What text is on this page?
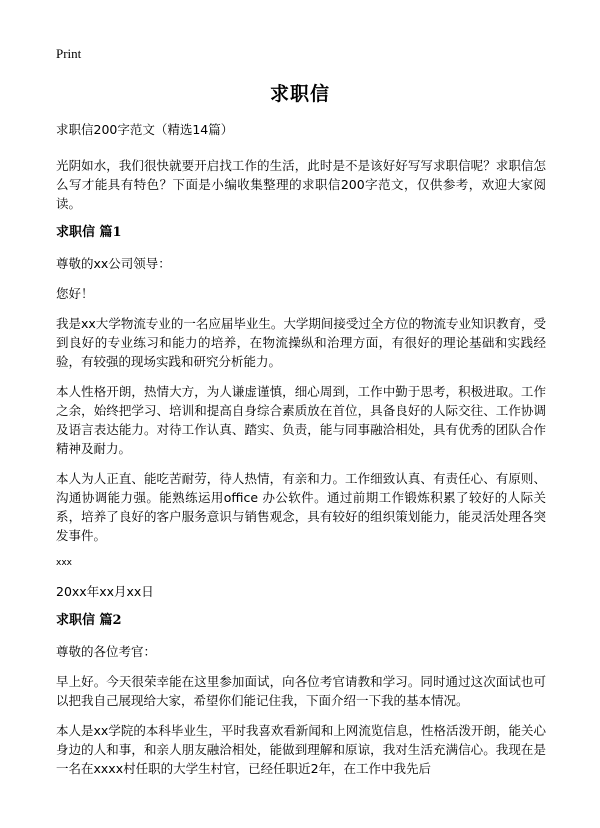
Print
求职信
求职信200字范文（精选14篇）

光阴如水，我们很快就要开启找工作的生活，此时是不是该好好写写求职信呢？求职信怎么写才能具有特色？下面是小编收集整理的求职信200字范文，仅供参考，欢迎大家阅读。

求职信 篇1

尊敬的xx公司领导：

您好！

我是xx大学物流专业的一名应届毕业生。大学期间接受过全方位的物流专业知识教育，受到良好的专业练习和能力的培养，在物流操纵和治理方面，有很好的理论基础和实践经验，有较强的现场实践和研究分析能力。

本人性格开朗，热情大方，为人谦虚谨慎，细心周到，工作中勤于思考，积极进取。工作之余，始终把学习、培训和提高自身综合素质放在首位，具备良好的人际交往、工作协调及语言表达能力。对待工作认真、踏实、负责，能与同事融洽相处，具有优秀的团队合作精神及耐力。

本人为人正直、能吃苦耐劳，待人热情，有亲和力。工作细致认真、有责任心、有原则、沟通协调能力强。能熟练运用office 办公软件。通过前期工作锻炼积累了较好的人际关系，培养了良好的客户服务意识与销售观念，具有较好的组织策划能力，能灵活处理各突发事件。

xxx

20xx年xx月xx日

求职信 篇2

尊敬的各位考官：

早上好。今天很荣幸能在这里参加面试，向各位考官请教和学习。同时通过这次面试也可以把我自己展现给大家，希望你们能记住我，下面介绍一下我的基本情况。

本人是xx学院的本科毕业生，平时我喜欢看新闻和上网流览信息，性格活泼开朗，能关心身边的人和事，和亲人朋友融洽相处，能做到理解和原谅，我对生活充满信心。我现在是一名在xxxx村任职的大学生村官，已经任职近2年，在工作中我先后
